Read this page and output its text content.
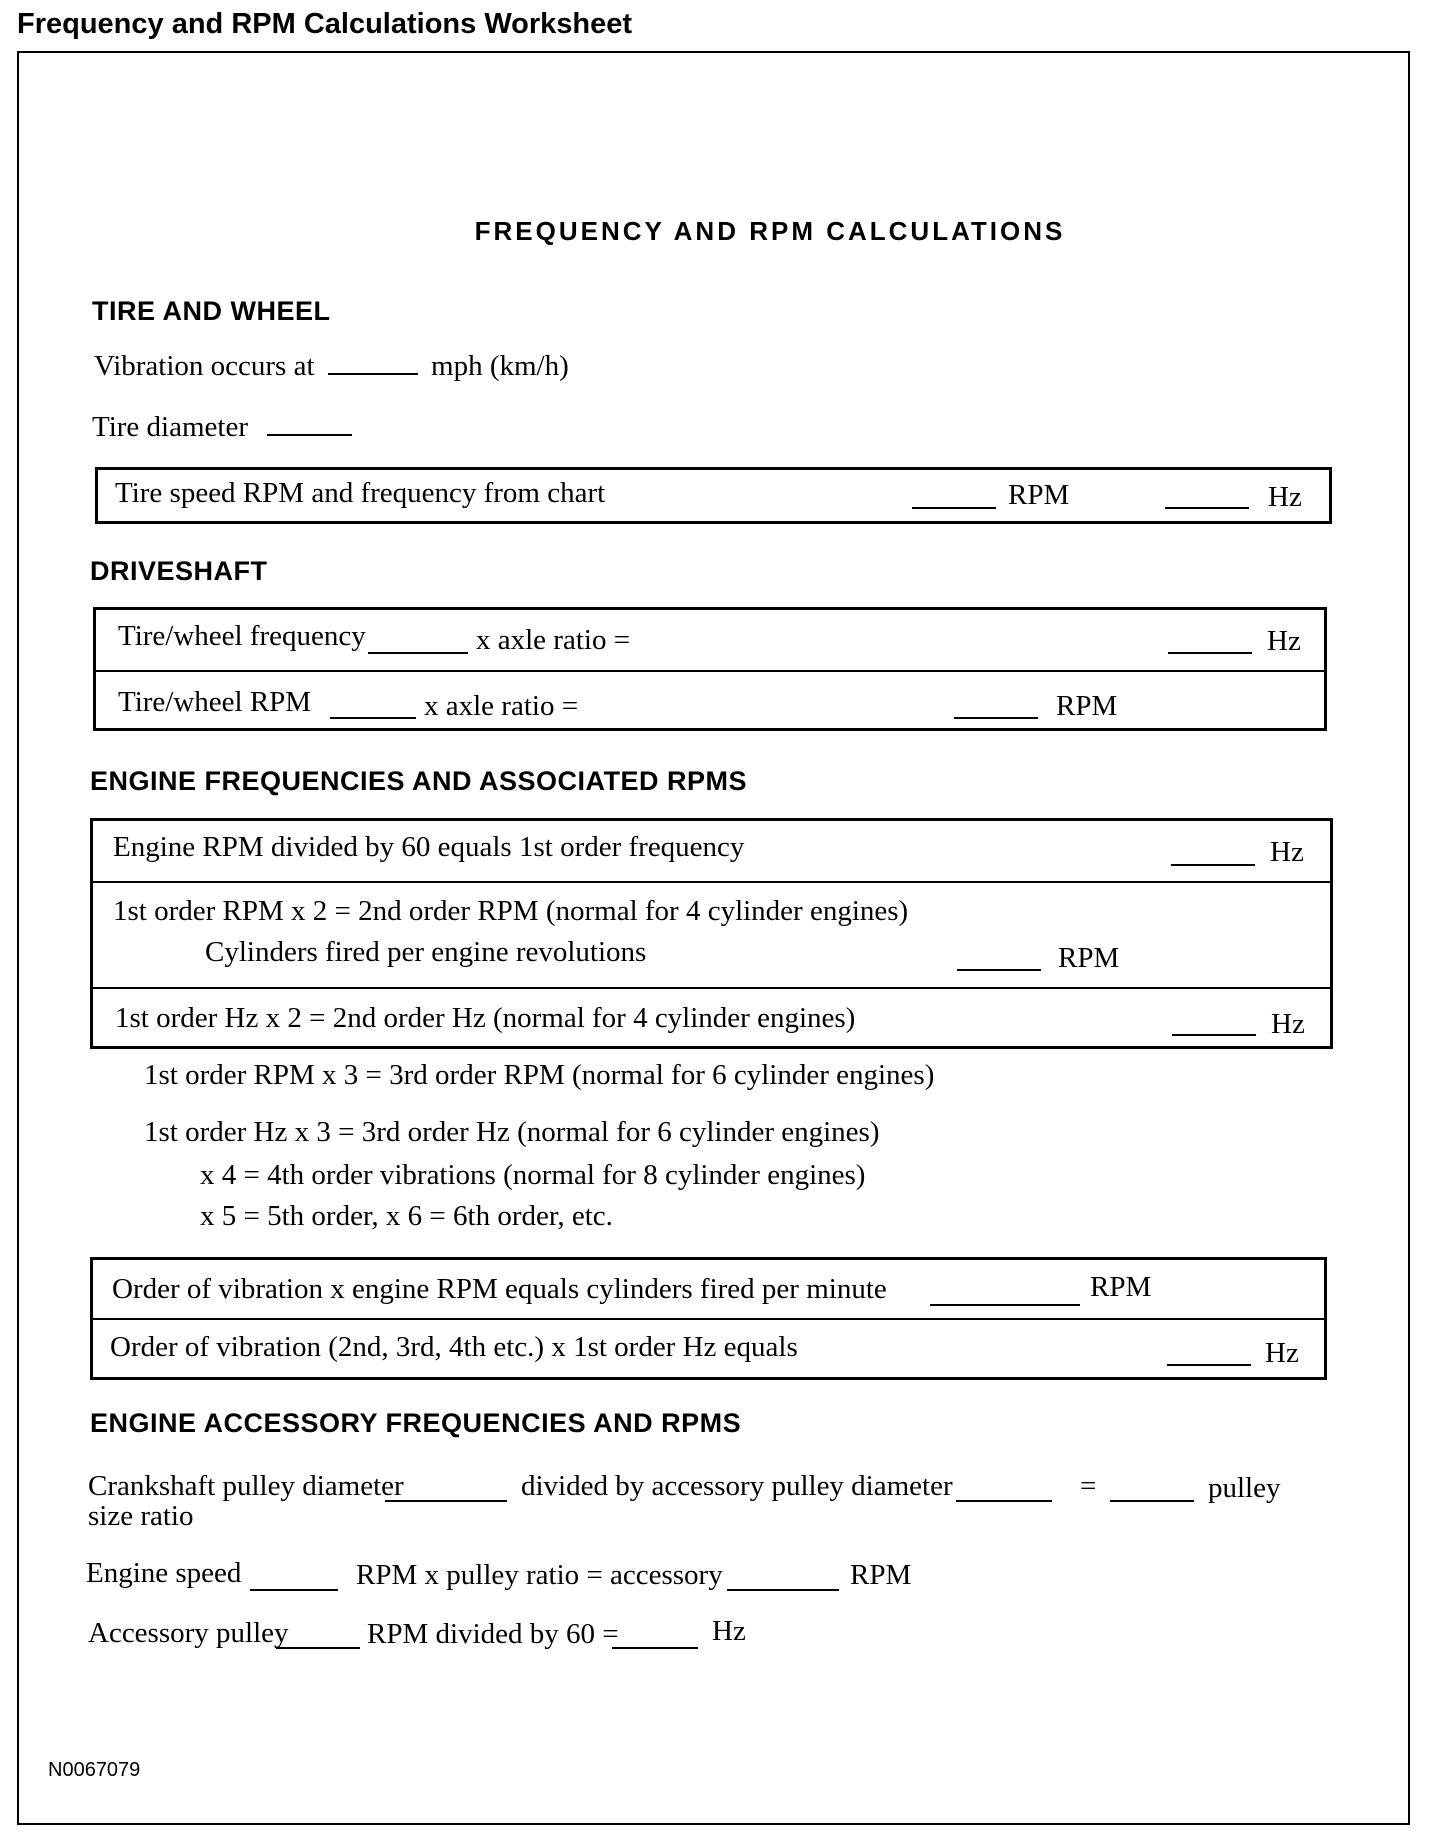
Frequency and RPM Calculations Worksheet
FREQUENCY AND RPM CALCULATIONS
TIRE AND WHEEL
Vibration occurs at	mph (km/h)
Tire diameter
Tire speed RPM and frequency from chart	RPM	Hz
DRIVESHAFT
Tire/wheel frequency	x axle ratio =	Hz
Tire/wheel RPM	x axle ratio =	RPM
ENGINE FREQUENCIES AND ASSOCIATED RPMS
Engine RPM divided by 60 equals 1st order frequency	Hz
1st order RPM x 2 = 2nd order RPM (normal for 4 cylinder engines)
Cylinders fired per engine revolutions	RPM
1st order Hz x 2 = 2nd order Hz (normal for 4 cylinder engines)	Hz
1st order RPM x 3 = 3rd order RPM (normal for 6 cylinder engines)
1st order Hz x 3 = 3rd order Hz (normal for 6 cylinder engines)
x 4 = 4th order vibrations (normal for 8 cylinder engines)
x 5 = 5th order, x 6 = 6th order, etc.
Order of vibration x engine RPM equals cylinders fired per minute	RPM
Order of vibration (2nd, 3rd, 4th etc.) x 1st order Hz equals	Hz
ENGINE ACCESSORY FREQUENCIES AND RPMS
Crankshaft pulley diameter	divided by accessory pulley diameter	=	pulley
size ratio
Engine speed	RPM x pulley ratio = accessory	RPM
Accessory pulley	RPM divided by 60 =	Hz
N0067079
